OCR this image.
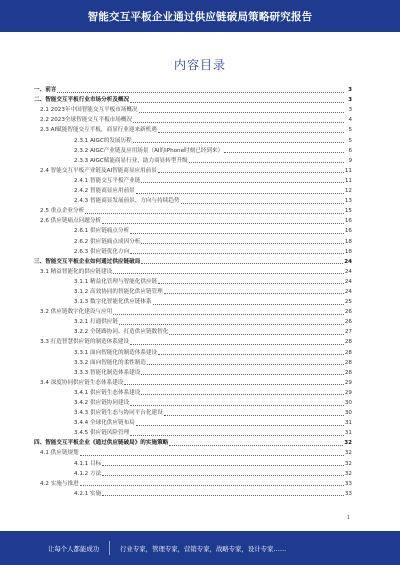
智能交互平板企业通过供应链破局策略研究报告
内容目录
一、前言	3
二、智能交互平板行业市场分析及概况	3
2.1 2023年中国智能交互平板市场概况	3
2.2 2023全球智能交互平板市场概况	4
2.3 AI赋能智能交互平板，商显行业迎来新机遇	5
2.3.1 AIGC的发展历程	5
2.3.2 AIGC产业链及应用场景（AI的iPhone时刻已经到来）	6
2.3.3 AIGC赋能商显行业，助力商显转型升级	9
2.4 智能交互平板产业链及AI智能商显应用前景	11
2.4.1 智能交互平板产业链	11
2.4.2 智能商显应用前景	12
2.4.3 智能商显发展前景、方向与持续趋势	13
2.5 重点企业分析	15
2.6 供应链痛点问题分析	16
2.6.1 供应链痛点分析	16
2.6.2 供应链痛点成因分析	18
2.6.3 供应链优化方向	18
三、智能交互平板企业如何通过供应链破局	24
3.1 精益智能化的供应链建设	24
3.1.1 精益化管理与智能化供应链	24
3.1.2 高效协同的智能化供应链管理	24
3.1.3 数字化智能化供应链体系	25
3.2 供应链数字化建设与应用	26
3.2.1 打通供应链	26
3.2.2 全链路协同、打造供应链数智化	27
3.3 打造智慧供应链的制造体系建设	28
3.3.1 面向智能化的制造体系建设	28
3.3.2 面向智能化的柔性制造	28
3.3.3 智能化制造体系建设	28
3.4 深度协同供应链生态体系建设	29
3.4.1 供应链生态体系建设	29
3.4.2 供应链协同建设	30
3.4.3 供应链生态与协同平台化建设	30
3.4.4 全球化供应链布局	31
3.4.5 供应链风险管理	31
四、智能交互平板企业《通过供应链破局》的实施策略	32
4.1 供应链规划	32
4.1.1 目标	32
4.1.2 方法	32
4.2 实施与推进	33
4.2.1 实施	33
1
让每个人都能成功	行业专家，管理专家，营销专家，战略专家，设计专家……
